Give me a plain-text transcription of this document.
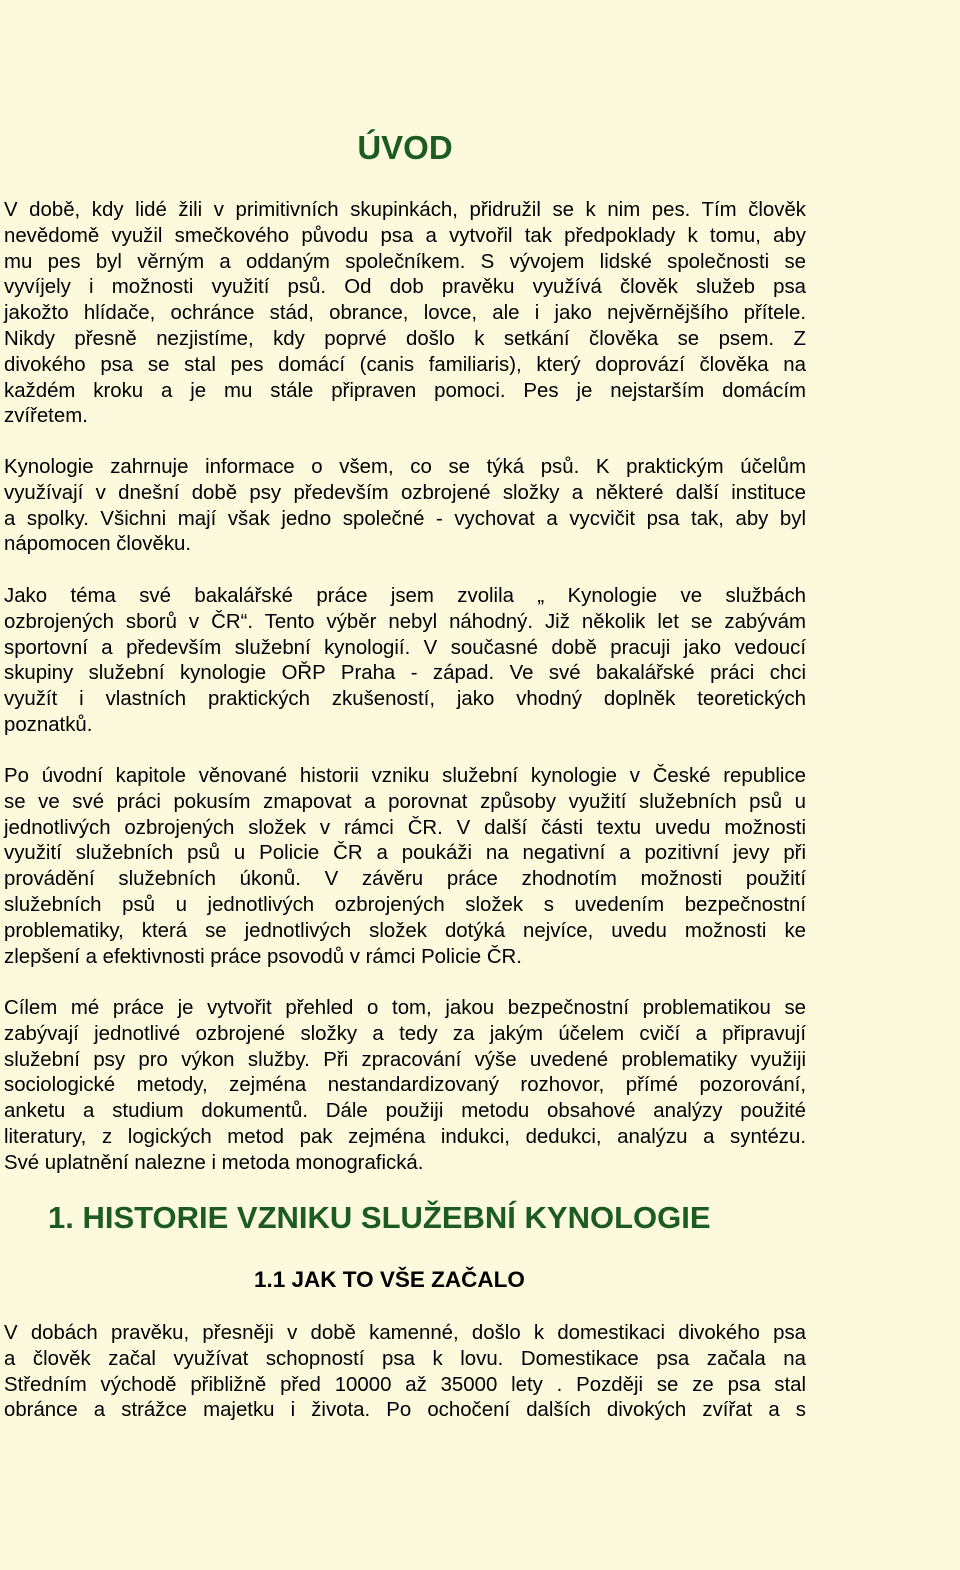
ÚVOD
V době, kdy lidé žili v primitivních skupinkách, přidružil se k nim pes. Tím člověk
nevědomě využil smečkového původu psa a vytvořil tak předpoklady k tomu, aby
mu pes byl věrným a oddaným společníkem. S vývojem lidské společnosti se
vyvíjely i možnosti využití psů. Od dob pravěku využívá člověk služeb psa
jakožto hlídače, ochránce stád, obrance, lovce, ale i jako nejvěrnějšího přítele.
Nikdy přesně nezjistíme, kdy poprvé došlo k setkání člověka se psem. Z
divokého psa se stal pes domácí (canis familiaris), který doprovází člověka na
každém kroku a je mu stále připraven pomoci. Pes je nejstarším domácím
zvířetem.
Kynologie zahrnuje informace o všem, co se týká psů. K praktickým účelům
využívají v dnešní době psy především ozbrojené složky a některé další instituce
a spolky. Všichni mají však jedno společné - vychovat a vycvičit psa tak, aby byl
nápomocen člověku.
Jako téma své bakalářské práce jsem zvolila „ Kynologie ve službách
ozbrojených sborů v ČR“. Tento výběr nebyl náhodný. Již několik let se zabývám
sportovní a především služební kynologií. V současné době pracuji jako vedoucí
skupiny služební kynologie OŘP Praha - západ. Ve své bakalářské práci chci
využít i vlastních praktických zkušeností, jako vhodný doplněk teoretických
poznatků.
Po úvodní kapitole věnované historii vzniku služební kynologie v České republice
se ve své práci pokusím zmapovat a porovnat způsoby využití služebních psů u
jednotlivých ozbrojených složek v rámci ČR. V další části textu uvedu možnosti
využití služebních psů u Policie ČR a poukáži na negativní a pozitivní jevy při
provádění služebních úkonů. V závěru práce zhodnotím možnosti použití
služebních psů u jednotlivých ozbrojených složek s uvedením bezpečnostní
problematiky, která se jednotlivých složek dotýká nejvíce, uvedu možnosti ke
zlepšení a efektivnosti práce psovodů v rámci Policie ČR.
Cílem mé práce je vytvořit přehled o tom, jakou bezpečnostní problematikou se
zabývají jednotlivé ozbrojené složky a tedy za jakým účelem cvičí a připravují
služební psy pro výkon služby. Při zpracování výše uvedené problematiky využiji
sociologické metody, zejména nestandardizovaný rozhovor, přímé pozorování,
anketu a studium dokumentů. Dále použiji metodu obsahové analýzy použité
literatury, z logických metod pak zejména indukci, dedukci, analýzu a syntézu.
Své uplatnění nalezne i metoda monografická.
1. HISTORIE VZNIKU SLUŽEBNÍ KYNOLOGIE
1.1 JAK TO VŠE ZAČALO
V dobách pravěku, přesněji v době kamenné, došlo k domestikaci divokého psa
a člověk začal využívat schopností psa k lovu. Domestikace psa začala na
Středním východě přibližně před 10000 až 35000 lety . Později se ze psa stal
obránce a strážce majetku i života. Po ochočení dalších divokých zvířat a s
